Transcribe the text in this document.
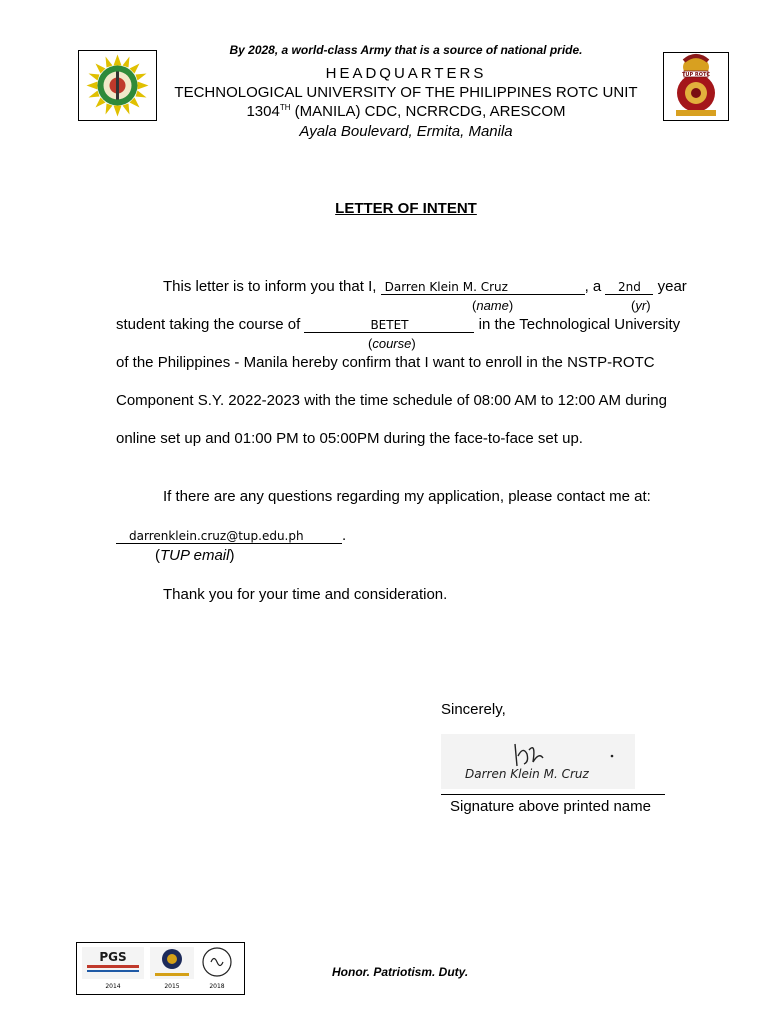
By 2028, a world-class Army that is a source of national pride.
HEADQUARTERS
TECHNOLOGICAL UNIVERSITY OF THE PHILIPPINES ROTC UNIT
1304TH (MANILA) CDC, NCRRCDG, ARESCOM
Ayala Boulevard, Ermita, Manila
TUP ROTC
LETTER OF INTENT
This letter is to inform you that I, Darren Klein M. Cruz	, a 2nd year
(name)	(yr)
student taking the course of	BETET	in the Technological University
(course)
of the Philippines - Manila hereby confirm that I want to enroll in the NSTP-ROTC
Component S.Y. 2022-2023 with the time schedule of 08:00 AM to 12:00 AM during
online set up and 01:00 PM to 05:00PM during the face-to-face set up.
If there are any questions regarding my application, please contact me at:
darrenklein.cruz@tup.edu.ph	.
(TUP email)
Thank you for your time and consideration.
Sincerely,
Darren Klein M. Cruz
Signature above printed name
PGS
2014	2015	2018
Honor. Patriotism. Duty.
